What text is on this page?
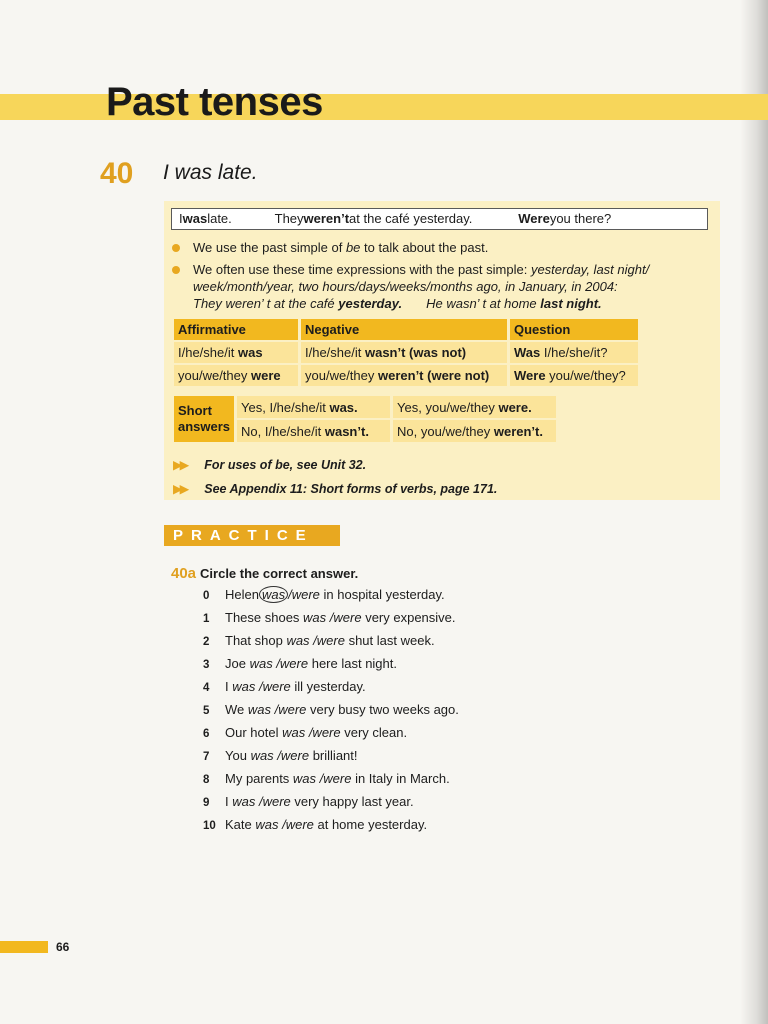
Past tenses
40 I was late.
Iwaslate.	Theyweren’tat the café yesterday.	Wereyou there?
We use the past simple of be to talk about the past.
We often use these time expressions with the past simple: yesterday, last night/
week/month/year, two hours/days/weeks/months ago, in January, in 2004:
They weren’ t at the café yesterday. He wasn’ t at home last night.
Affirmative	Negative	Question
I/he/she/it was	I/he/she/it wasn’t (was not)	Was I/he/she/it?
you/we/they were	you/we/they weren’t (were not)	Were you/we/they?
Short answers	Yes, I/he/she/it was.	Yes, you/we/they were.
	No, I/he/she/it wasn’t.	No, you/we/they weren’t.
▶▶ For uses of be, see Unit 32.
▶▶ See Appendix 11: Short forms of verbs, page 171.
PRACTICE
40a Circle the correct answer.
0 Helen was /were in hospital yesterday.
1 These shoes was /were very expensive.
2 That shop was /were shut last week.
3 Joe was /were here last night.
4 I was /were ill yesterday.
5 We was /were very busy two weeks ago.
6 Our hotel was /were very clean.
7 You was /were brilliant!
8 My parents was /were in Italy in March.
9 I was /were very happy last year.
10 Kate was /were at home yesterday.
66
